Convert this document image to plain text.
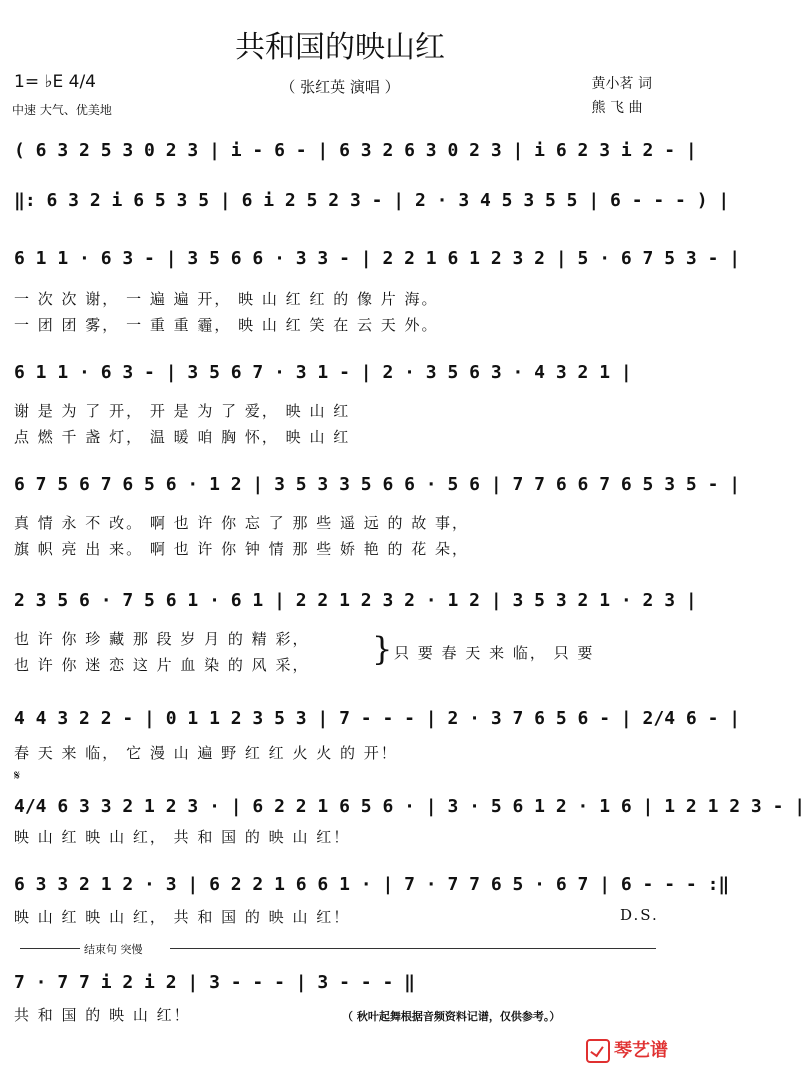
共和国的映山红
（ 张红英 演唱 ）
1= ♭E 4/4
中速 大气、优美地
黄小茗 词
熊 飞 曲
( 6 3 2 5 3 0 2 3 | i - 6 - | 6 3 2 6 3 0 2 3 | i 6 2 3 i 2 - |
‖: 6 3 2 i 6 5 3 5 | 6 i 2 5 2 3 - | 2 · 3 4 5 3 5 5 | 6 - - - ) |
6 1 1 · 6 3 - | 3 5 6 6 · 3 3 - | 2 2 1 6 1 2 3 2 | 5 · 6 7 5 3 - |
一 次 次 谢， 一 遍 遍 开， 映 山 红 红 的 像 片 海。
一 团 团 雾， 一 重 重 霾， 映 山 红 笑 在 云 天 外。
6 1 1 · 6 3 - | 3 5 6 7 · 3 1 - | 2 · 3 5 6 3 · 4 3 2 1 |
谢 是 为 了 开， 开 是 为 了 爱， 映 山 红
点 燃 千 盏 灯， 温 暖 咱 胸 怀， 映 山 红
6 7 5 6 7 6 5 6 · 1 2 | 3 5 3 3 5 6 6 · 5 6 | 7 7 6 6 7 6 5 3 5 - |
真 情 永 不 改。 啊 也 许 你 忘 了 那 些 遥 远 的 故 事，
旗 帜 亮 出 来。 啊 也 许 你 钟 情 那 些 娇 艳 的 花 朵，
2 3 5 6 · 7 5 6 1 · 6 1 | 2 2 1 2 3 2 · 1 2 | 3 5 3 2 1 · 2 3 |
也 许 你 珍 藏 那 段 岁 月 的 精 彩，
也 许 你 迷 恋 这 片 血 染 的 风 采， } 只 要 春 天 来 临， 只 要
4 4 3 2 2 - | 0 1 1 2 3 5 3 | 7 - - - | 2 · 3 7 6 5 6 - | 2/4 6 - |
春 天 来 临， 它 漫 山 遍 野 红 红 火 火 的 开！
𝄋
4/4 6 3 3 2 1 2 3 · | 6 2 2 1 6 5 6 · | 3 · 5 6 1 2 · 1 6 | 1 2 1 2 3 - |
映 山 红 映 山 红， 共 和 国 的 映 山 红！
6 3 3 2 1 2 · 3 | 6 2 2 1 6 6 1 · | 7 · 7 7 6 5 · 6 7 | 6 - - - :‖
映 山 红 映 山 红， 共 和 国 的 映 山 红！	D.S.
结束句 突慢
7 · 7 7 i 2 i 2 | 3 - - - | 3 - - - ‖
共 和 国 的 映 山 红！	（ 秋叶起舞根据音频资料记谱，仅供参考。）
琴艺谱
